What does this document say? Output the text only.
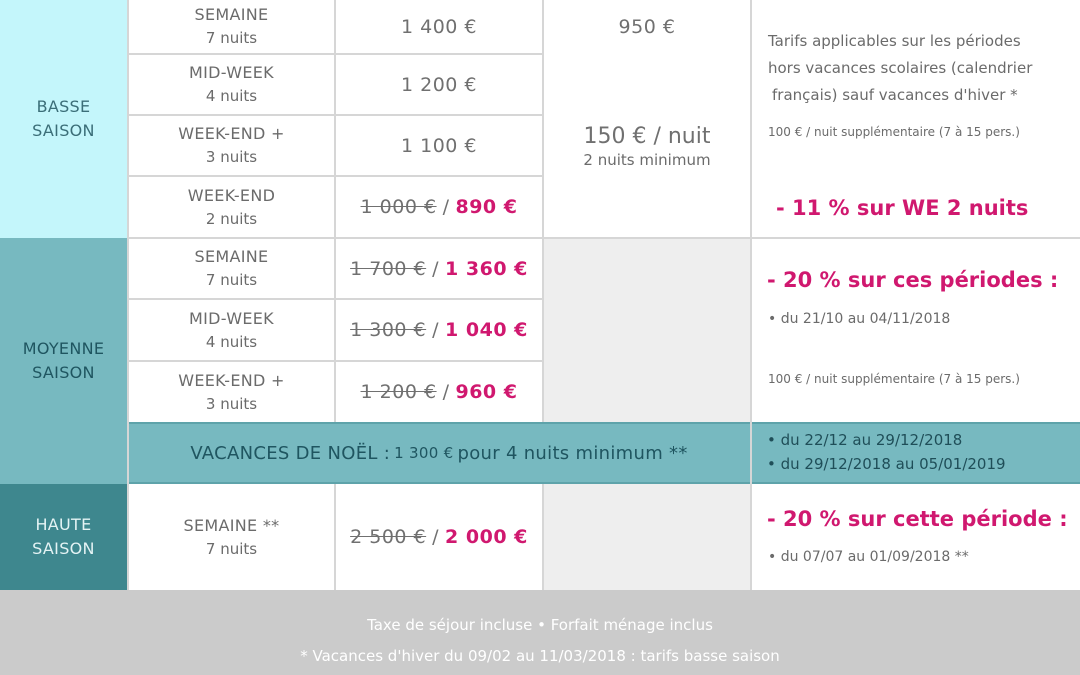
BASSE
SAISON
MOYENNE
SAISON
HAUTE
SAISON
SEMAINE
7 nuits
1 400 €
MID-WEEK
4 nuits
1 200 €
WEEK-END +
3 nuits
1 100 €
WEEK-END
2 nuits
1 000 € / 890 €
SEMAINE
7 nuits
1 700 € / 1 360 €
MID-WEEK
4 nuits
1 300 € / 1 040 €
WEEK-END +
3 nuits
1 200 € / 960 €
SEMAINE **
7 nuits
2 500 € / 2 000 €
950 €
150 € / nuit
2 nuits minimum
Tarifs applicables sur les périodes
hors vacances scolaires (calendrier
français) sauf vacances d'hiver *
100 € / nuit supplémentaire (7 à 15 pers.)
- 11 % sur WE 2 nuits
- 20 % sur ces périodes :
• du 21/10 au 04/11/2018
100 € / nuit supplémentaire (7 à 15 pers.)
VACANCES DE NOËL : 1 300 € pour 4 nuits minimum **
• du 22/12 au 29/12/2018
• du 29/12/2018 au 05/01/2019
- 20 % sur cette période :
• du 07/07 au 01/09/2018 **
Taxe de séjour incluse • Forfait ménage inclus
* Vacances d'hiver du 09/02 au 11/03/2018 : tarifs basse saison
